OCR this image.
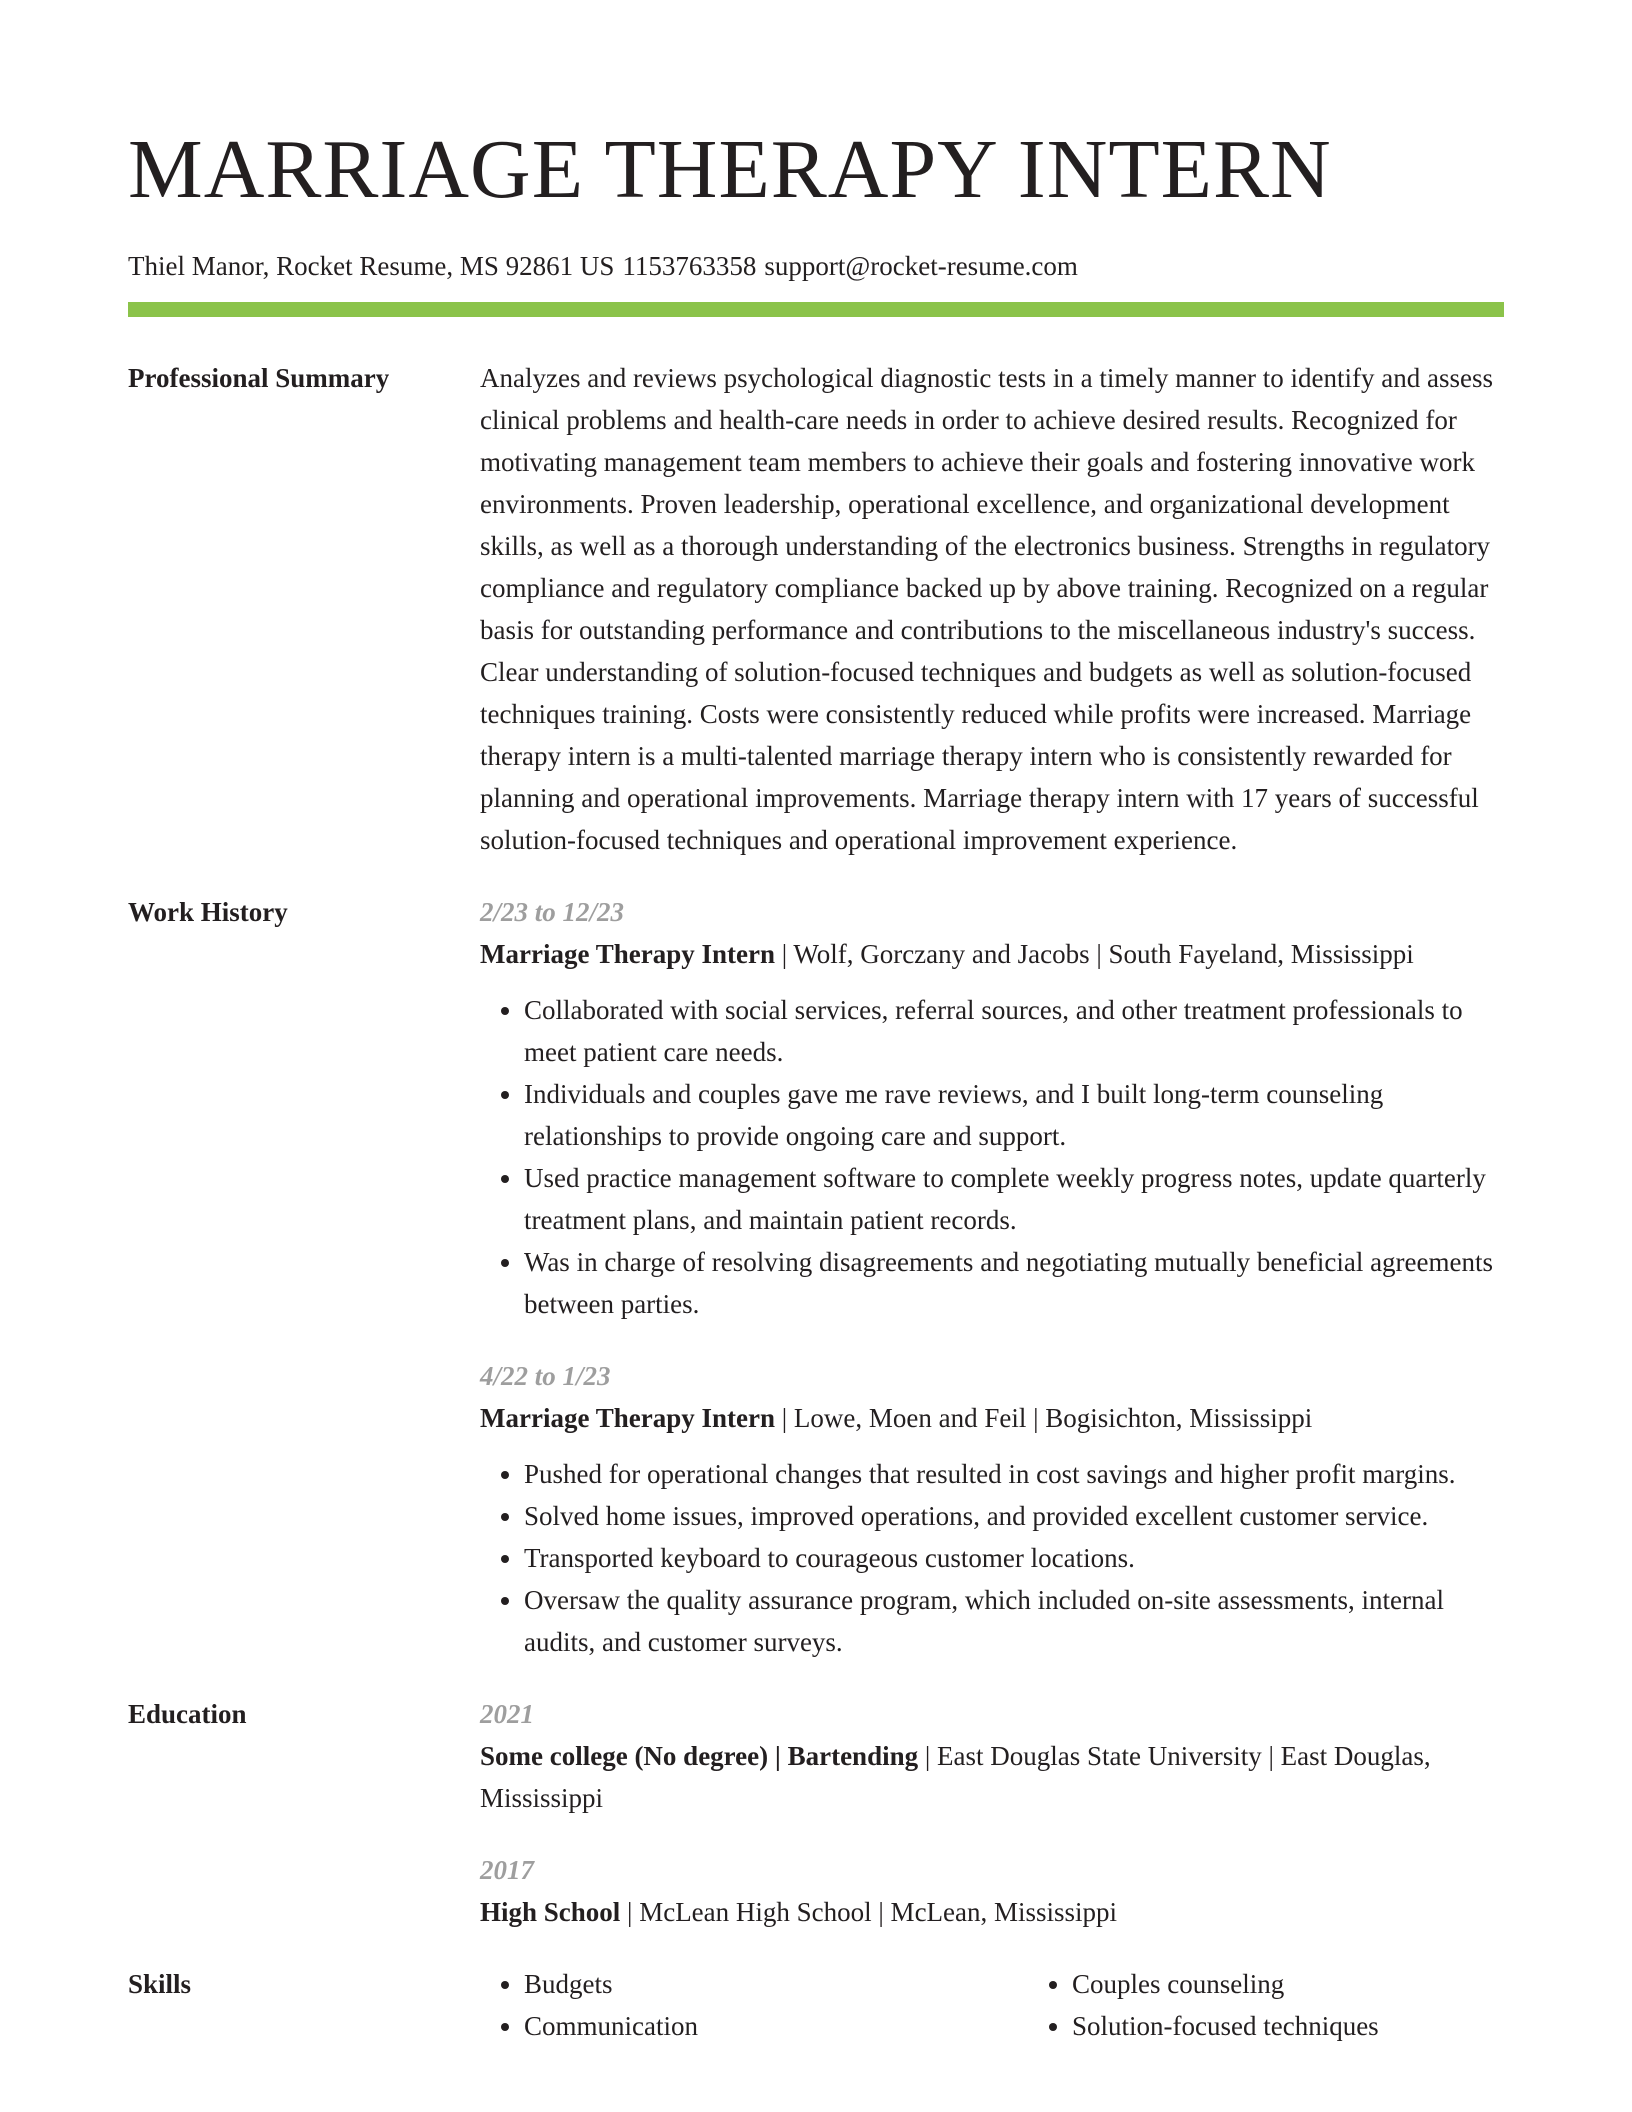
MARRIAGE THERAPY INTERN
Thiel Manor, Rocket Resume, MS 92861 US 1153763358 support@rocket-resume.com
Professional Summary	Analyzes and reviews psychological diagnostic tests in a timely manner to identify and assess clinical problems and health-care needs in order to achieve desired results. Recognized for motivating management team members to achieve their goals and fostering innovative work environments. Proven leadership, operational excellence, and organizational development skills, as well as a thorough understanding of the electronics business. Strengths in regulatory compliance and regulatory compliance backed up by above training. Recognized on a regular basis for outstanding performance and contributions to the miscellaneous industry's success. Clear understanding of solution-focused techniques and budgets as well as solution-focused techniques training. Costs were consistently reduced while profits were increased. Marriage therapy intern is a multi-talented marriage therapy intern who is consistently rewarded for planning and operational improvements. Marriage therapy intern with 17 years of successful solution-focused techniques and operational improvement experience.

Work History	2/23 to 12/23
Marriage Therapy Intern | Wolf, Gorczany and Jacobs | South Fayeland, Mississippi
• Collaborated with social services, referral sources, and other treatment professionals to meet patient care needs.
• Individuals and couples gave me rave reviews, and I built long-term counseling relationships to provide ongoing care and support.
• Used practice management software to complete weekly progress notes, update quarterly treatment plans, and maintain patient records.
• Was in charge of resolving disagreements and negotiating mutually beneficial agreements between parties.
4/22 to 1/23
Marriage Therapy Intern | Lowe, Moen and Feil | Bogisichton, Mississippi
• Pushed for operational changes that resulted in cost savings and higher profit margins.
• Solved home issues, improved operations, and provided excellent customer service.
• Transported keyboard to courageous customer locations.
• Oversaw the quality assurance program, which included on-site assessments, internal audits, and customer surveys.
Education	2021
Some college (No degree) | Bartending | East Douglas State University | East Douglas, Mississippi
2017
High School | McLean High School | McLean, Mississippi
Skills
•	Budgets
• Communication
• Couples counseling
• Solution-focused techniques
